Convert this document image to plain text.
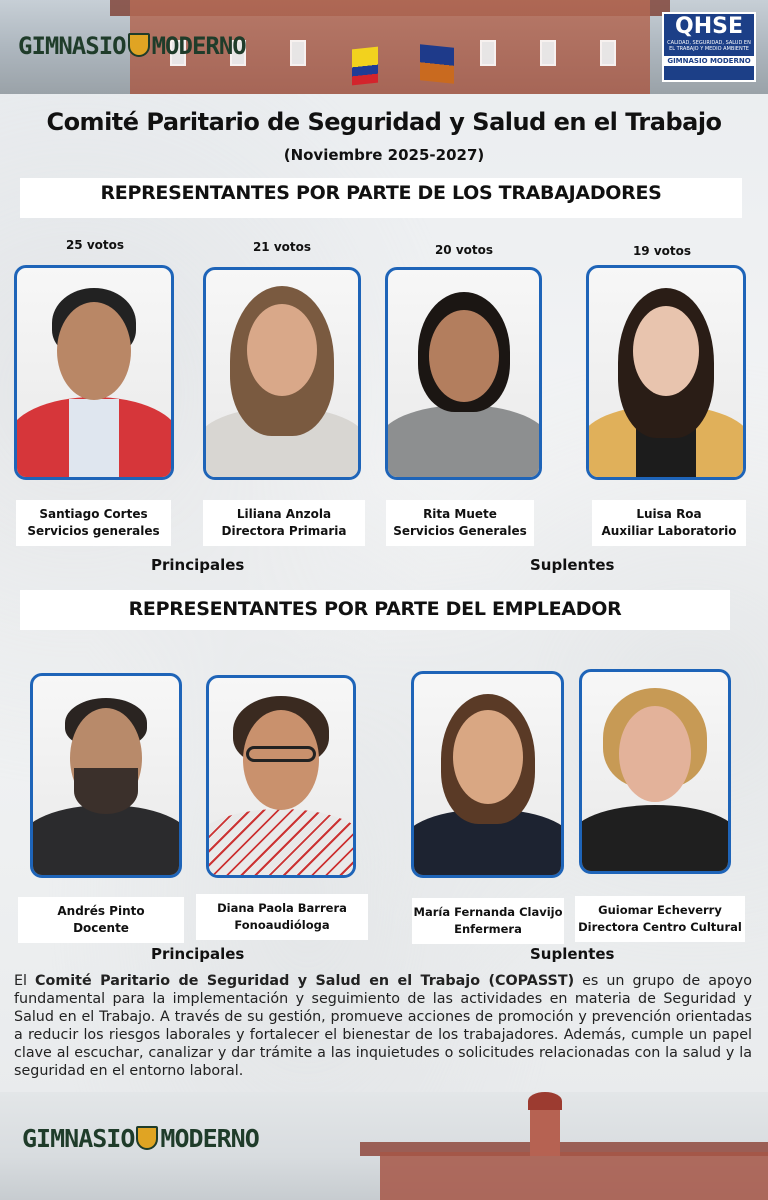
GIMNASIO MODERNO
QHSE
CALIDAD, SEGURIDAD, SALUD EN EL TRABAJO Y MEDIO AMBIENTE
GIMNASIO MODERNO
Comité Paritario de Seguridad y Salud en el Trabajo
(Noviembre 2025-2027)
REPRESENTANTES POR PARTE DE LOS TRABAJADORES
25 votos	21 votos	20 votos	19 votos
Santiago Cortes
Servicios generales
Liliana Anzola
Directora Primaria
Rita Muete
Servicios Generales
Luisa Roa
Auxiliar Laboratorio
Principales	Suplentes
REPRESENTANTES POR PARTE DEL EMPLEADOR
Andrés Pinto
Docente
Diana Paola Barrera
Fonoaudióloga
María Fernanda Clavijo
Enfermera
Guiomar Echeverry
Directora Centro Cultural
Principales	Suplentes
El Comité Paritario de Seguridad y Salud en el Trabajo (COPASST) es un grupo de apoyo fundamental para la implementación y seguimiento de las actividades en materia de Seguridad y Salud en el Trabajo. A través de su gestión, promueve acciones de promoción y prevención orientadas a reducir los riesgos laborales y fortalecer el bienestar de los trabajadores. Además, cumple un papel clave al escuchar, canalizar y dar trámite a las inquietudes o solicitudes relacionadas con la salud y la seguridad en el entorno laboral.
GIMNASIO MODERNO
